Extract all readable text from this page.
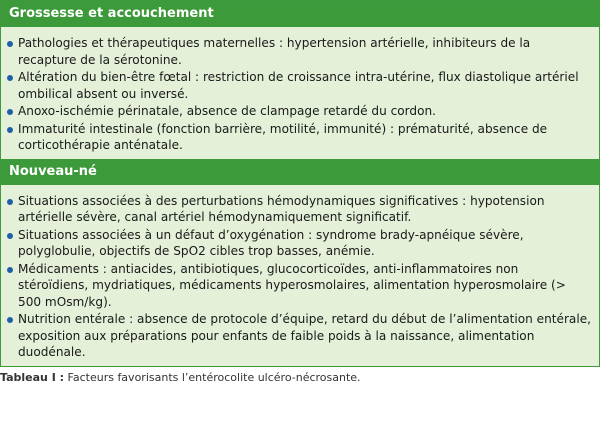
Grossesse et accouchement
Pathologies et thérapeutiques maternelles : hypertension artérielle, inhibiteurs de la recapture de la sérotonine.
Altération du bien-être fœtal : restriction de croissance intra-utérine, flux diastolique artériel ombilical absent ou inversé.
Anoxo-ischémie périnatale, absence de clampage retardé du cordon.
Immaturité intestinale (fonction barrière, motilité, immunité) : prématurité, absence de corticothérapie anténatale.
Nouveau-né
Situations associées à des perturbations hémodynamiques significatives : hypotension artérielle sévère, canal artériel hémodynamiquement significatif.
Situations associées à un défaut d’oxygénation : syndrome brady-apnéique sévère, polyglobulie, objectifs de SpO2 cibles trop basses, anémie.
Médicaments : antiacides, antibiotiques, glucocorticoïdes, anti-inflammatoires non stéroïdiens, mydriatiques, médicaments hyperosmolaires, alimentation hyperosmolaire (> 500 mOsm/kg).
Nutrition entérale : absence de protocole d’équipe, retard du début de l’alimentation entérale, exposition aux préparations pour enfants de faible poids à la naissance, alimentation duodénale.
Tableau I : Facteurs favorisants l’entérocolite ulcéro-nécrosante.
